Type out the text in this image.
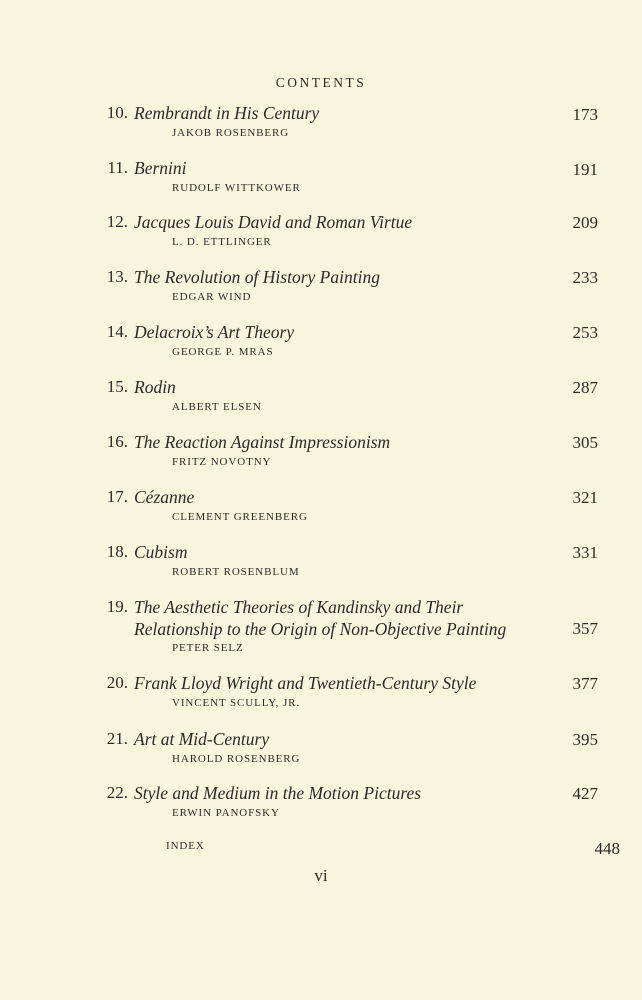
CONTENTS
10. Rembrandt in His Century	173
JAKOB ROSENBERG
11. Bernini	191
RUDOLF WITTKOWER
12. Jacques Louis David and Roman Virtue	209
L. D. ETTLINGER
13. The Revolution of History Painting	233
EDGAR WIND
14. Delacroix’s Art Theory	253
GEORGE P. MRAS
15. Rodin	287
ALBERT ELSEN
16. The Reaction Against Impressionism	305
FRITZ NOVOTNY
17. Cézanne	321
CLEMENT GREENBERG
18. Cubism	331
ROBERT ROSENBLUM
19. The Aesthetic Theories of Kandinsky and Their
Relationship to the Origin of Non-Objective Painting	357
PETER SELZ
20. Frank Lloyd Wright and Twentieth-Century Style	377
VINCENT SCULLY, JR.
21. Art at Mid-Century	395
HAROLD ROSENBERG
22. Style and Medium in the Motion Pictures	427
ERWIN PANOFSKY
INDEX	448
vi
